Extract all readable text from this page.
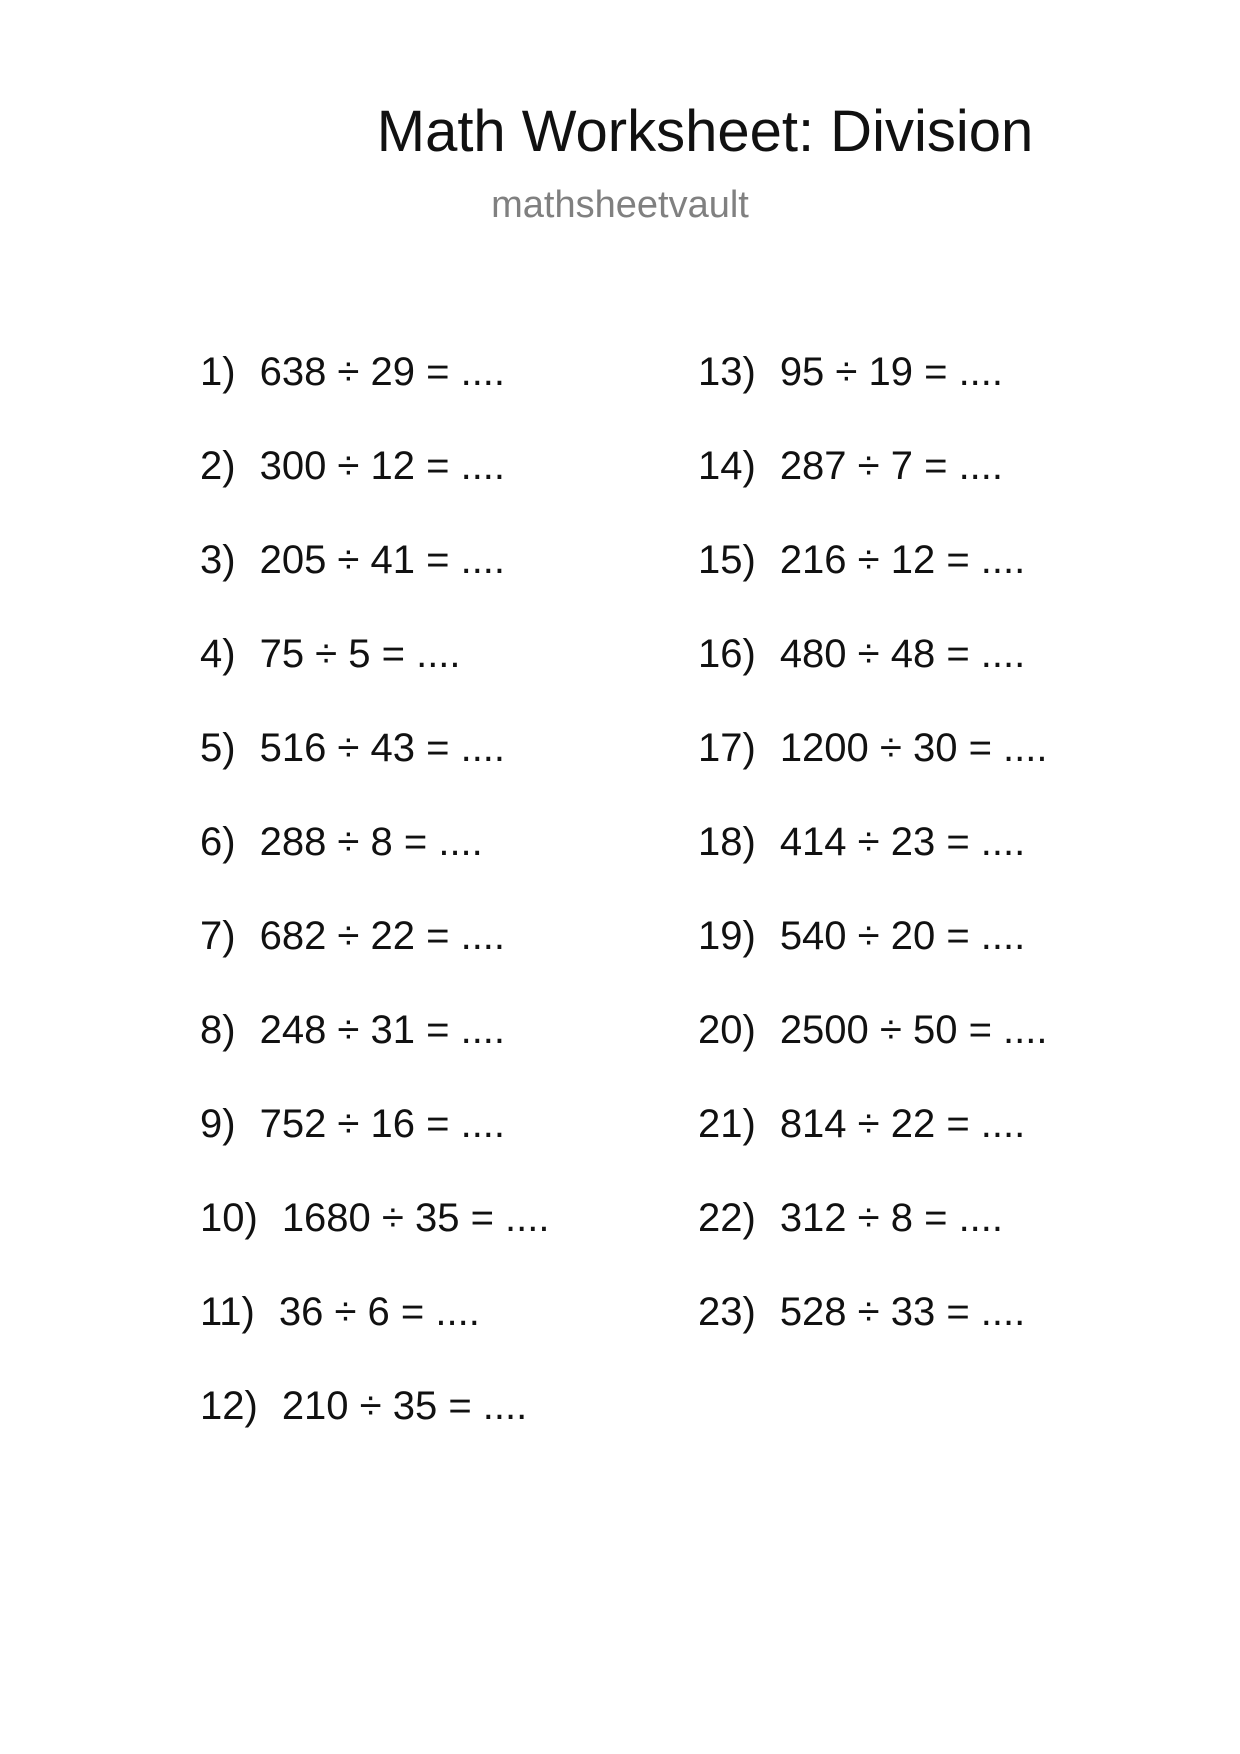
Math Worksheet: Division
mathsheetvault
1) 638 ÷ 29 = ....
2) 300 ÷ 12 = ....
3) 205 ÷ 41 = ....
4) 75 ÷ 5 = ....
5) 516 ÷ 43 = ....
6) 288 ÷ 8 = ....
7) 682 ÷ 22 = ....
8) 248 ÷ 31 = ....
9) 752 ÷ 16 = ....
10) 1680 ÷ 35 = ....
11) 36 ÷ 6 = ....
12) 210 ÷ 35 = ....
13) 95 ÷ 19 = ....
14) 287 ÷ 7 = ....
15) 216 ÷ 12 = ....
16) 480 ÷ 48 = ....
17) 1200 ÷ 30 = ....
18) 414 ÷ 23 = ....
19) 540 ÷ 20 = ....
20) 2500 ÷ 50 = ....
21) 814 ÷ 22 = ....
22) 312 ÷ 8 = ....
23) 528 ÷ 33 = ....
